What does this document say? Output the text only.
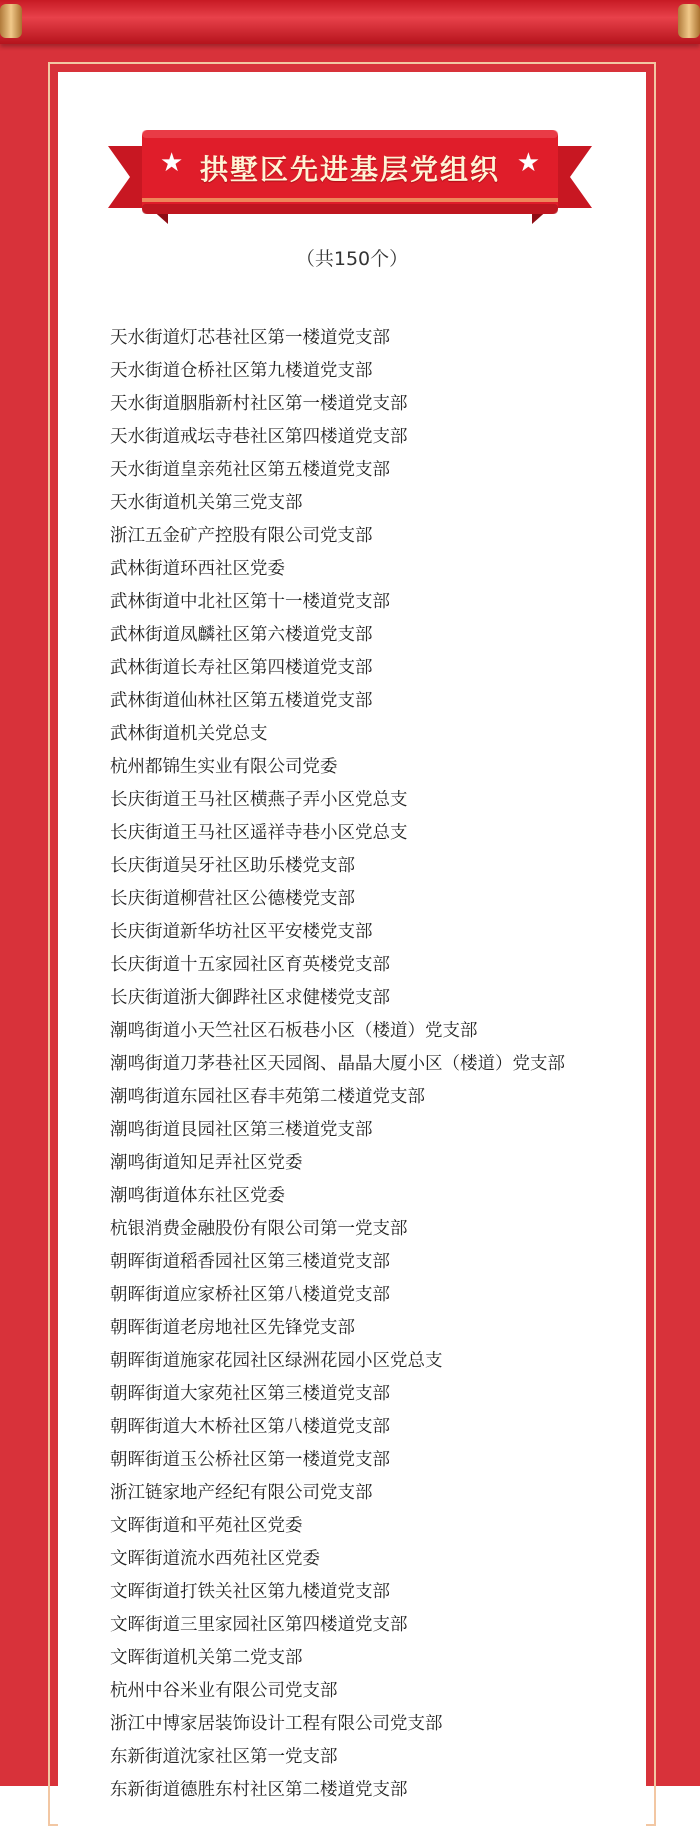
★ 拱墅区先进基层党组织 ★
（共150个）
天水街道灯芯巷社区第一楼道党支部
天水街道仓桥社区第九楼道党支部
天水街道胭脂新村社区第一楼道党支部
天水街道戒坛寺巷社区第四楼道党支部
天水街道皇亲苑社区第五楼道党支部
天水街道机关第三党支部
浙江五金矿产控股有限公司党支部
武林街道环西社区党委
武林街道中北社区第十一楼道党支部
武林街道凤麟社区第六楼道党支部
武林街道长寿社区第四楼道党支部
武林街道仙林社区第五楼道党支部
武林街道机关党总支
杭州都锦生实业有限公司党委
长庆街道王马社区横燕子弄小区党总支
长庆街道王马社区遥祥寺巷小区党总支
长庆街道吴牙社区助乐楼党支部
长庆街道柳营社区公德楼党支部
长庆街道新华坊社区平安楼党支部
长庆街道十五家园社区育英楼党支部
长庆街道浙大御跸社区求健楼党支部
潮鸣街道小天竺社区石板巷小区（楼道）党支部
潮鸣街道刀茅巷社区天园阁、晶晶大厦小区（楼道）党支部
潮鸣街道东园社区春丰苑第二楼道党支部
潮鸣街道艮园社区第三楼道党支部
潮鸣街道知足弄社区党委
潮鸣街道体东社区党委
杭银消费金融股份有限公司第一党支部
朝晖街道稻香园社区第三楼道党支部
朝晖街道应家桥社区第八楼道党支部
朝晖街道老房地社区先锋党支部
朝晖街道施家花园社区绿洲花园小区党总支
朝晖街道大家苑社区第三楼道党支部
朝晖街道大木桥社区第八楼道党支部
朝晖街道玉公桥社区第一楼道党支部
浙江链家地产经纪有限公司党支部
文晖街道和平苑社区党委
文晖街道流水西苑社区党委
文晖街道打铁关社区第九楼道党支部
文晖街道三里家园社区第四楼道党支部
文晖街道机关第二党支部
杭州中谷米业有限公司党支部
浙江中博家居装饰设计工程有限公司党支部
东新街道沈家社区第一党支部
东新街道德胜东村社区第二楼道党支部
